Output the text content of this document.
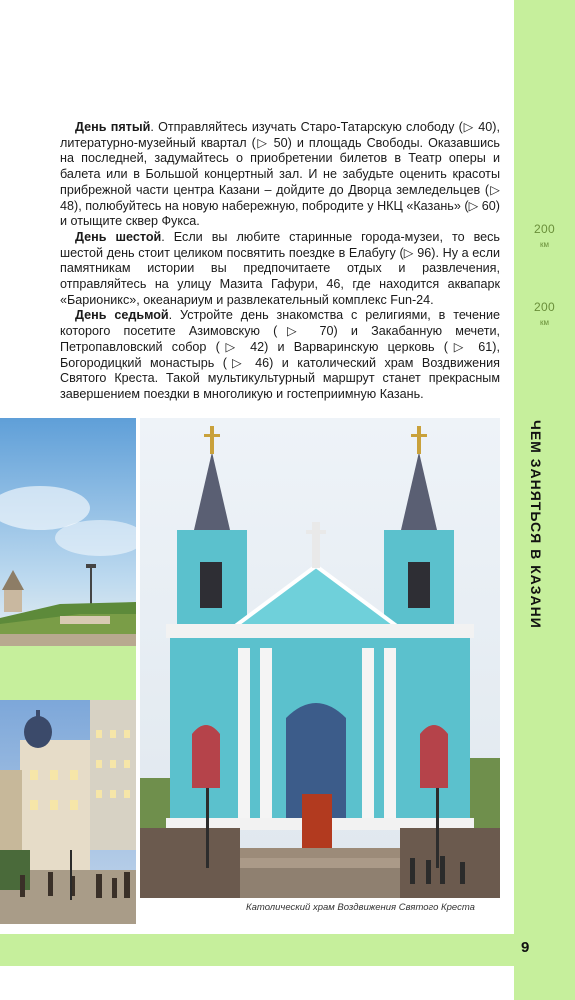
200
км
200
км
ЧЕМ ЗАНЯТЬСЯ В КАЗАНИ

День пятый. Отправляйтесь изучать Старо-Татарскую слободу (▷ 40), литературно-музейный квартал (▷ 50) и площадь Свободы. Оказавшись на последней, задумайтесь о приобретении билетов в Театр оперы и балета или в Большой концертный зал. И не забудьте оценить красоты прибрежной части центра Казани – дойдите до Дворца земледельцев (▷ 48), полюбуйтесь на новую набережную, побродите у НКЦ «Казань» (▷ 60) и отыщите сквер Фукса.

День шестой. Если вы любите старинные города-музеи, то весь шестой день стоит целиком посвятить поездке в Елабугу (▷ 96). Ну а если памятникам истории вы предпочитаете отдых и развлечения, отправляйтесь на улицу Мазита Гафури, 46, где находится аквапарк «Барионикс», океанариум и развлекательный комплекс Fun-24.

День седьмой. Устройте день знакомства с религиями, в течение которого посетите Азимовскую (▷ 70) и Закабанную мечети, Петропавловский собор (▷ 42) и Варваринскую церковь (▷ 61), Богородицкий монастырь (▷ 46) и католический храм Воздвижения Святого Креста. Такой мультикультурный маршрут станет прекрасным завершением поездки в многоликую и гостеприимную Казань.

Католический храм Воздвижения Святого Креста
9
